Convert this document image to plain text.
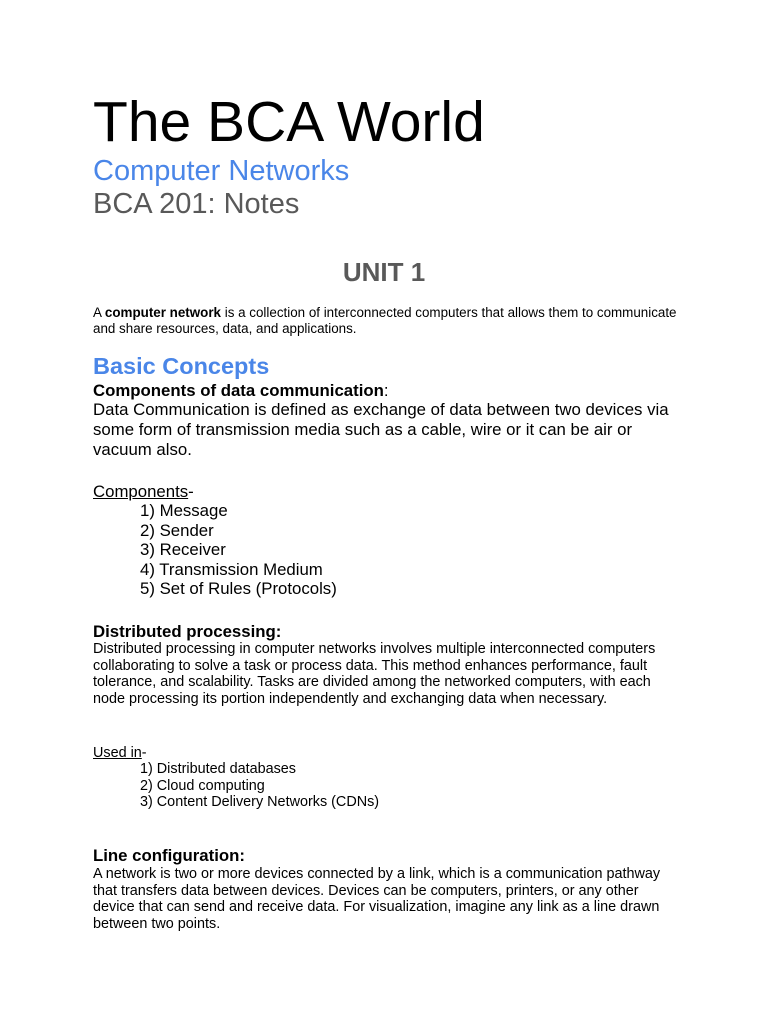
The BCA World
Computer Networks
BCA 201: Notes
UNIT 1

A computer network is a collection of interconnected computers that allows them to communicate and share resources, data, and applications.

Basic Concepts
Components of data communication:

Data Communication is defined as exchange of data between two devices via some form of transmission media such as a cable, wire or it can be air or vacuum also.

Components-
1) Message
2) Sender
3) Receiver
4) Transmission Medium
5) Set of Rules (Protocols)
Distributed processing:

Distributed processing in computer networks involves multiple interconnected computers collaborating to solve a task or process data. This method enhances performance, fault tolerance, and scalability. Tasks are divided among the networked computers, with each node processing its portion independently and exchanging data when necessary.

Used in-
1) Distributed databases
2) Cloud computing
3) Content Delivery Networks (CDNs)
Line configuration:

A network is two or more devices connected by a link, which is a communication pathway that transfers data between devices. Devices can be computers, printers, or any other device that can send and receive data. For visualization, imagine any link as a line drawn between two points.
